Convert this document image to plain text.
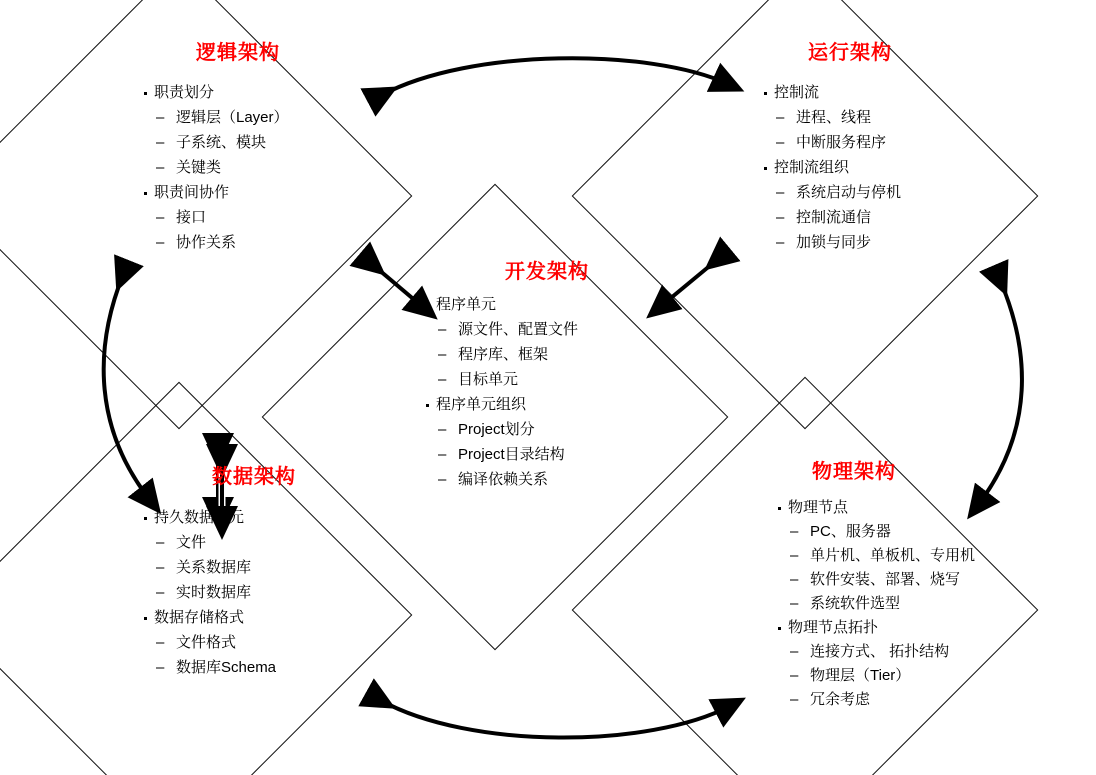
逻辑架构
职责划分
– 逻辑层（Layer）
– 子系统、模块
– 关键类
职责间协作
– 接口
– 协作关系
运行架构
控制流
– 进程、线程
– 中断服务程序
控制流组织
– 系统启动与停机
– 控制流通信
– 加锁与同步
开发架构
程序单元
– 源文件、配置文件
– 程序库、框架
– 目标单元
程序单元组织
– Project划分
– Project目录结构
– 编译依赖关系
数据架构
持久数据单元
– 文件
– 关系数据库
– 实时数据库
数据存储格式
– 文件格式
– 数据库Schema
物理架构
物理节点
– PC、服务器
– 单片机、单板机、专用机
– 软件安装、部署、烧写
– 系统软件选型
物理节点拓扑
– 连接方式、 拓扑结构
– 物理层（Tier）
– 冗余考虑
